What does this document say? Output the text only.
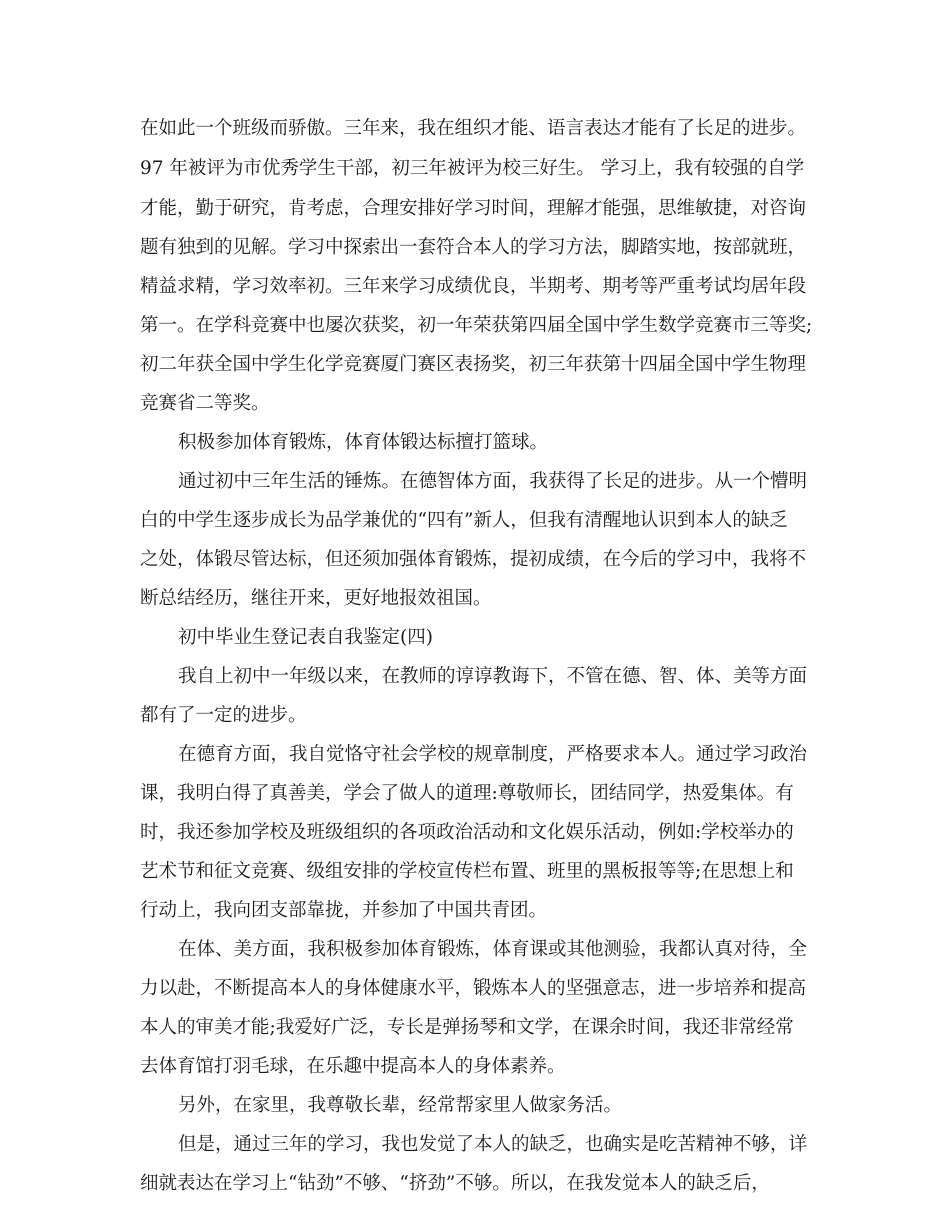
在如此一个班级而骄傲。三年来，我在组织才能、语言表达才能有了长足的进步。
97 年被评为市优秀学生干部，初三年被评为校三好生。 学习上，我有较强的自学
才能，勤于研究，肯考虑，合理安排好学习时间，理解才能强，思维敏捷，对咨询
题有独到的见解。学习中探索出一套符合本人的学习方法，脚踏实地，按部就班，
精益求精，学习效率初。三年来学习成绩优良，半期考、期考等严重考试均居年段
第一。在学科竞赛中也屡次获奖，初一年荣获第四届全国中学生数学竞赛市三等奖;
初二年获全国中学生化学竞赛厦门赛区表扬奖，初三年获第十四届全国中学生物理
竞赛省二等奖。
积极参加体育锻炼，体育体锻达标擅打篮球。
通过初中三年生活的锤炼。在德智体方面，我获得了长足的进步。从一个懵明
白的中学生逐步成长为品学兼优的“四有”新人，但我有清醒地认识到本人的缺乏
之处，体锻尽管达标，但还须加强体育锻炼，提初成绩，在今后的学习中，我将不
断总结经历，继往开来，更好地报效祖国。
初中毕业生登记表自我鉴定(四)
我自上初中一年级以来，在教师的谆谆教诲下，不管在德、智、体、美等方面
都有了一定的进步。
在德育方面，我自觉恪守社会学校的规章制度，严格要求本人。通过学习政治
课，我明白得了真善美，学会了做人的道理:尊敬师长，团结同学，热爱集体。有
时，我还参加学校及班级组织的各项政治活动和文化娱乐活动，例如:学校举办的
艺术节和征文竞赛、级组安排的学校宣传栏布置、班里的黑板报等等;在思想上和
行动上，我向团支部靠拢，并参加了中国共青团。
在体、美方面，我积极参加体育锻炼，体育课或其他测验，我都认真对待，全
力以赴，不断提高本人的身体健康水平，锻炼本人的坚强意志，进一步培养和提高
本人的审美才能;我爱好广泛，专长是弹扬琴和文学，在课余时间，我还非常经常
去体育馆打羽毛球，在乐趣中提高本人的身体素养。
另外，在家里，我尊敬长辈，经常帮家里人做家务活。
但是，通过三年的学习，我也发觉了本人的缺乏，也确实是吃苦精神不够，详
细就表达在学习上“钻劲”不够、“挤劲”不够。所以，在我发觉本人的缺乏后，
